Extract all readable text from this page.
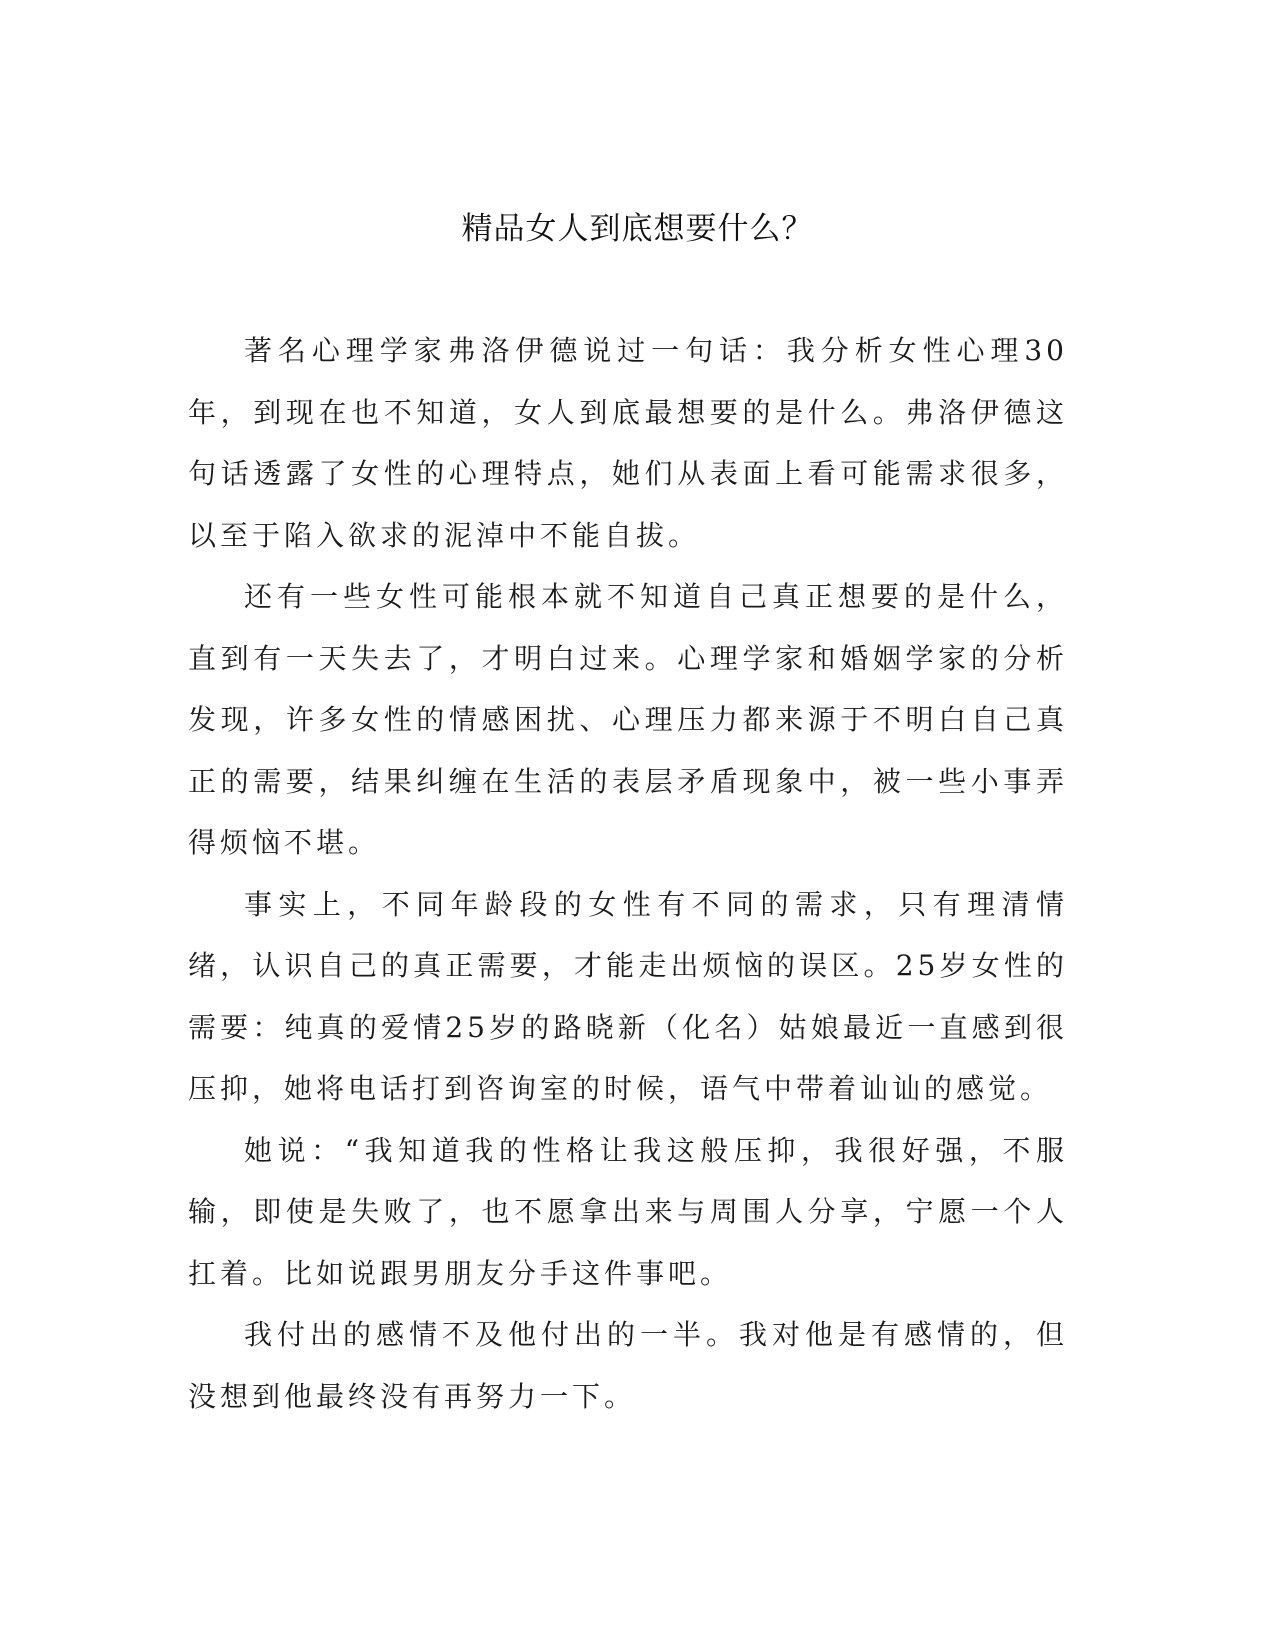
精品女人到底想要什么？

著名心理学家弗洛伊德说过一句话：我分析女性心理30年，到现在也不知道，女人到底最想要的是什么。弗洛伊德这句话透露了女性的心理特点，她们从表面上看可能需求很多，以至于陷入欲求的泥淖中不能自拔。

还有一些女性可能根本就不知道自己真正想要的是什么，直到有一天失去了，才明白过来。心理学家和婚姻学家的分析发现，许多女性的情感困扰、心理压力都来源于不明白自己真正的需要，结果纠缠在生活的表层矛盾现象中，被一些小事弄得烦恼不堪。

事实上，不同年龄段的女性有不同的需求，只有理清情绪，认识自己的真正需要，才能走出烦恼的误区。25岁女性的需要：纯真的爱情25岁的路晓新（化名）姑娘最近一直感到很压抑，她将电话打到咨询室的时候，语气中带着讪讪的感觉。

她说：“我知道我的性格让我这般压抑，我很好强，不服输，即使是失败了，也不愿拿出来与周围人分享，宁愿一个人扛着。比如说跟男朋友分手这件事吧。

我付出的感情不及他付出的一半。我对他是有感情的，但没想到他最终没有再努力一下。
